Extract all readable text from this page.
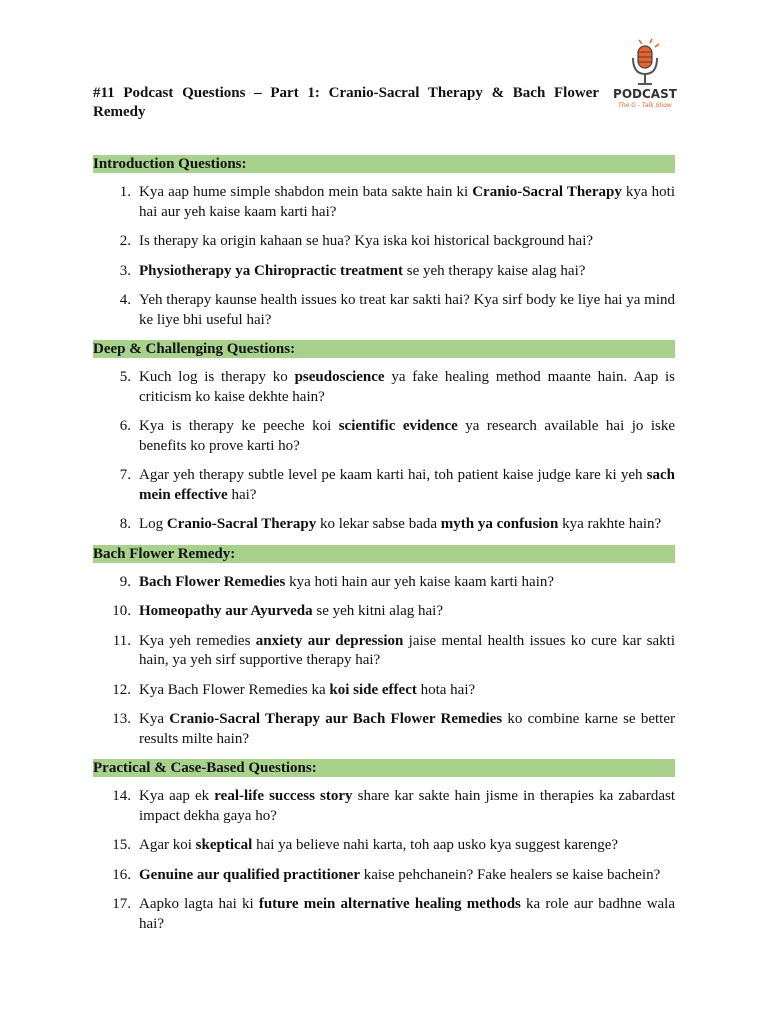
PODCAST
The G - Talk Show
#11 Podcast Questions – Part 1: Cranio-Sacral Therapy & Bach Flower Remedy
Introduction Questions:
1. Kya aap hume simple shabdon mein bata sakte hain ki Cranio-Sacral Therapy kya hoti hai aur yeh kaise kaam karti hai?
2. Is therapy ka origin kahaan se hua? Kya iska koi historical background hai?
3. Physiotherapy ya Chiropractic treatment se yeh therapy kaise alag hai?
4. Yeh therapy kaunse health issues ko treat kar sakti hai? Kya sirf body ke liye hai ya mind ke liye bhi useful hai?
Deep & Challenging Questions:
5. Kuch log is therapy ko pseudoscience ya fake healing method maante hain. Aap is criticism ko kaise dekhte hain?
6. Kya is therapy ke peeche koi scientific evidence ya research available hai jo iske benefits ko prove karti ho?
7. Agar yeh therapy subtle level pe kaam karti hai, toh patient kaise judge kare ki yeh sach mein effective hai?
8. Log Cranio-Sacral Therapy ko lekar sabse bada myth ya confusion kya rakhte hain?
Bach Flower Remedy:
9. Bach Flower Remedies kya hoti hain aur yeh kaise kaam karti hain?
10. Homeopathy aur Ayurveda se yeh kitni alag hai?
11. Kya yeh remedies anxiety aur depression jaise mental health issues ko cure kar sakti hain, ya yeh sirf supportive therapy hai?
12. Kya Bach Flower Remedies ka koi side effect hota hai?
13. Kya Cranio-Sacral Therapy aur Bach Flower Remedies ko combine karne se better results milte hain?
Practical & Case-Based Questions:
14. Kya aap ek real-life success story share kar sakte hain jisme in therapies ka zabardast impact dekha gaya ho?
15. Agar koi skeptical hai ya believe nahi karta, toh aap usko kya suggest karenge?
16. Genuine aur qualified practitioner kaise pehchanein? Fake healers se kaise bachein?
17. Aapko lagta hai ki future mein alternative healing methods ka role aur badhne wala hai?
